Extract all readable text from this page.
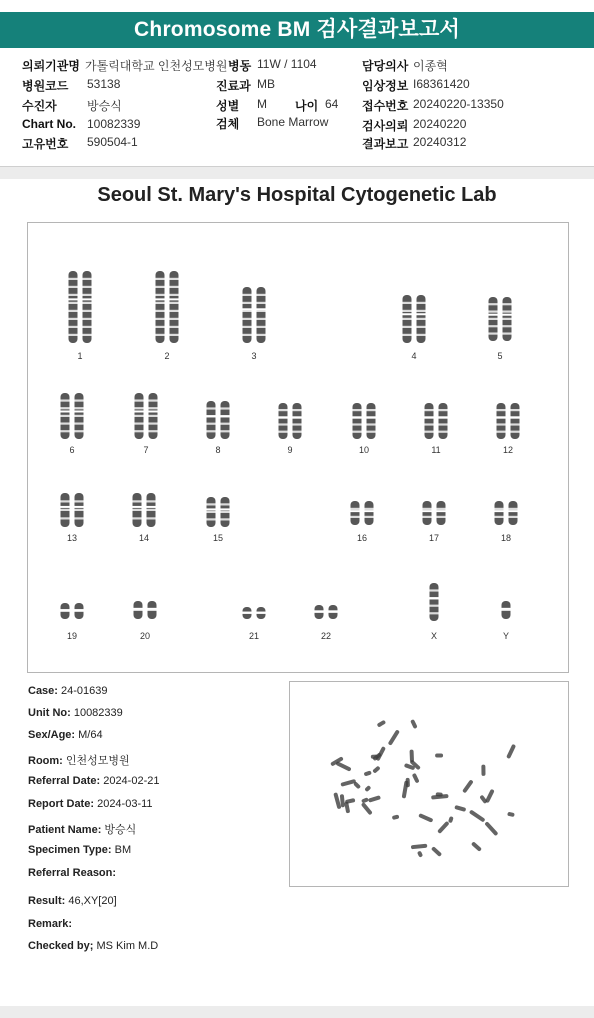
Chromosome BM 검사결과보고서
의뢰기관명 가톨릭대학교 인천성모병원 병동 11W / 1104	담당의사 이종혁
병원코드 53138	진료과 MB	임상정보 I68361420
수진자	방승식	성별 M 나이 64 접수번호 20240220-13350
Chart No. 10082339	검체 Bone Marrow	검사의뢰 20240220
고유번호 590504-1	결과보고 20240312
Seoul St. Mary's Hospital Cytogenetic Lab
1	2	3	4	5
6	7	8	9	10	11	12
13	14	15	16	17	18
19	20	21	22	X	Y
Case: 24-01639
Unit No: 10082339
Sex/Age: M/64
Room: 인천성모병원
Referral Date: 2024-02-21
Report Date: 2024-03-11
Patient Name: 방승식
Specimen Type: BM
Referral Reason:
Result: 46,XY[20]
Remark:
Checked by; MS Kim M.D
